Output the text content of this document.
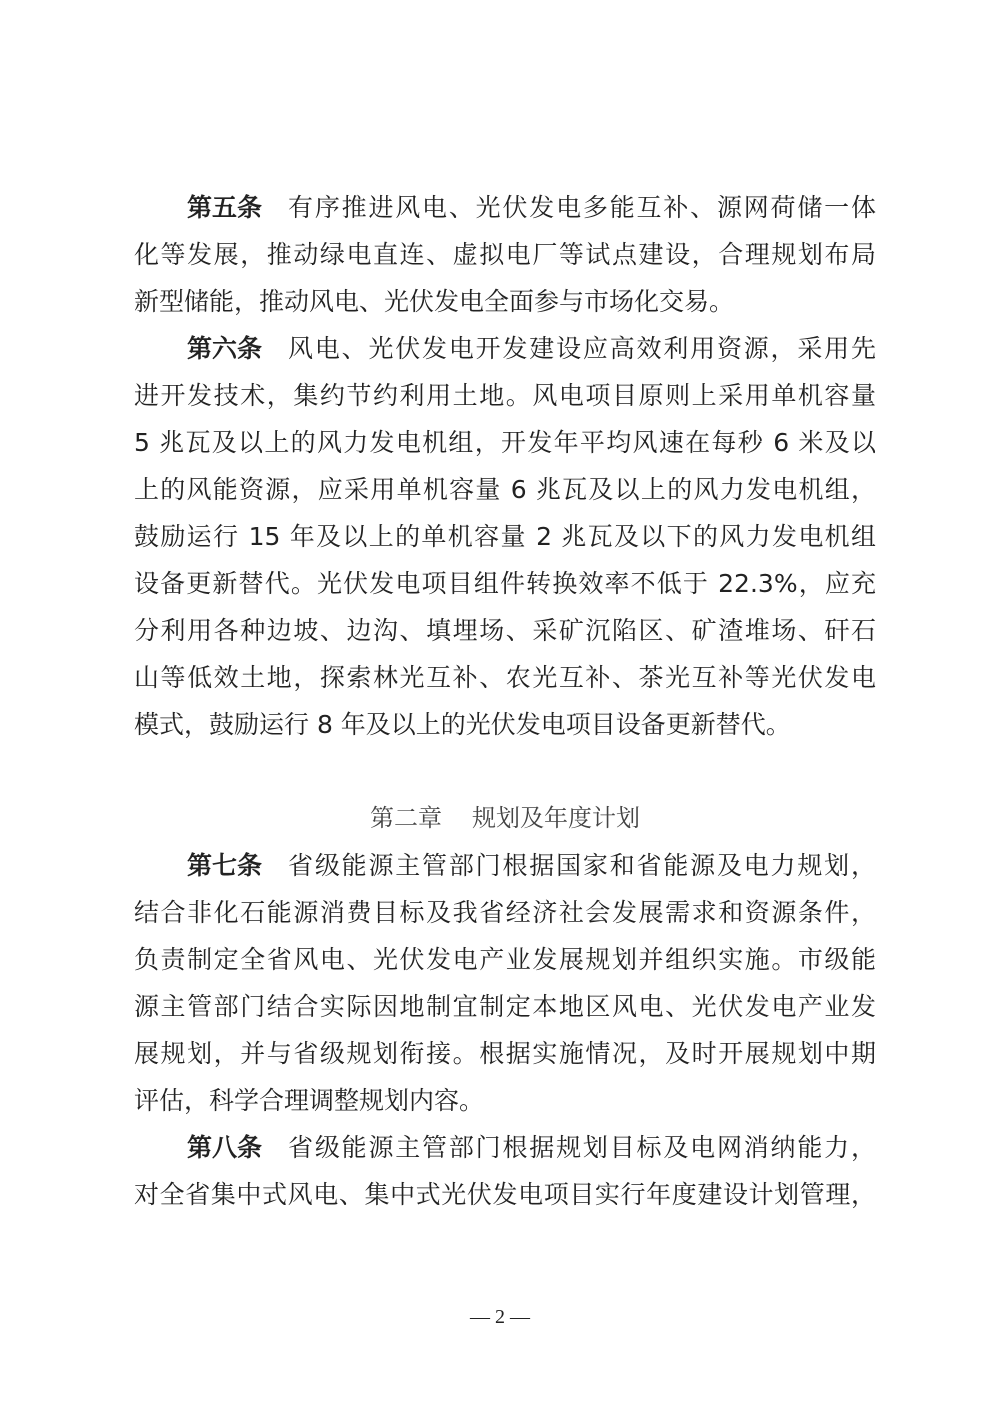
第五条 有序推进风电、光伏发电多能互补、源网荷储一体
化等发展，推动绿电直连、虚拟电厂等试点建设，合理规划布局
新型储能，推动风电、光伏发电全面参与市场化交易。
第六条 风电、光伏发电开发建设应高效利用资源，采用先
进开发技术，集约节约利用土地。风电项目原则上采用单机容量
5 兆瓦及以上的风力发电机组，开发年平均风速在每秒 6 米及以
上的风能资源，应采用单机容量 6 兆瓦及以上的风力发电机组，
鼓励运行 15 年及以上的单机容量 2 兆瓦及以下的风力发电机组
设备更新替代。光伏发电项目组件转换效率不低于 22.3%，应充
分利用各种边坡、边沟、填埋场、采矿沉陷区、矿渣堆场、矸石
山等低效土地，探索林光互补、农光互补、茶光互补等光伏发电
模式，鼓励运行 8 年及以上的光伏发电项目设备更新替代。
第二章 规划及年度计划
第七条 省级能源主管部门根据国家和省能源及电力规划，
结合非化石能源消费目标及我省经济社会发展需求和资源条件，
负责制定全省风电、光伏发电产业发展规划并组织实施。市级能
源主管部门结合实际因地制宜制定本地区风电、光伏发电产业发
展规划，并与省级规划衔接。根据实施情况，及时开展规划中期
评估，科学合理调整规划内容。
第八条 省级能源主管部门根据规划目标及电网消纳能力，
对全省集中式风电、集中式光伏发电项目实行年度建设计划管理，
— 2 —
